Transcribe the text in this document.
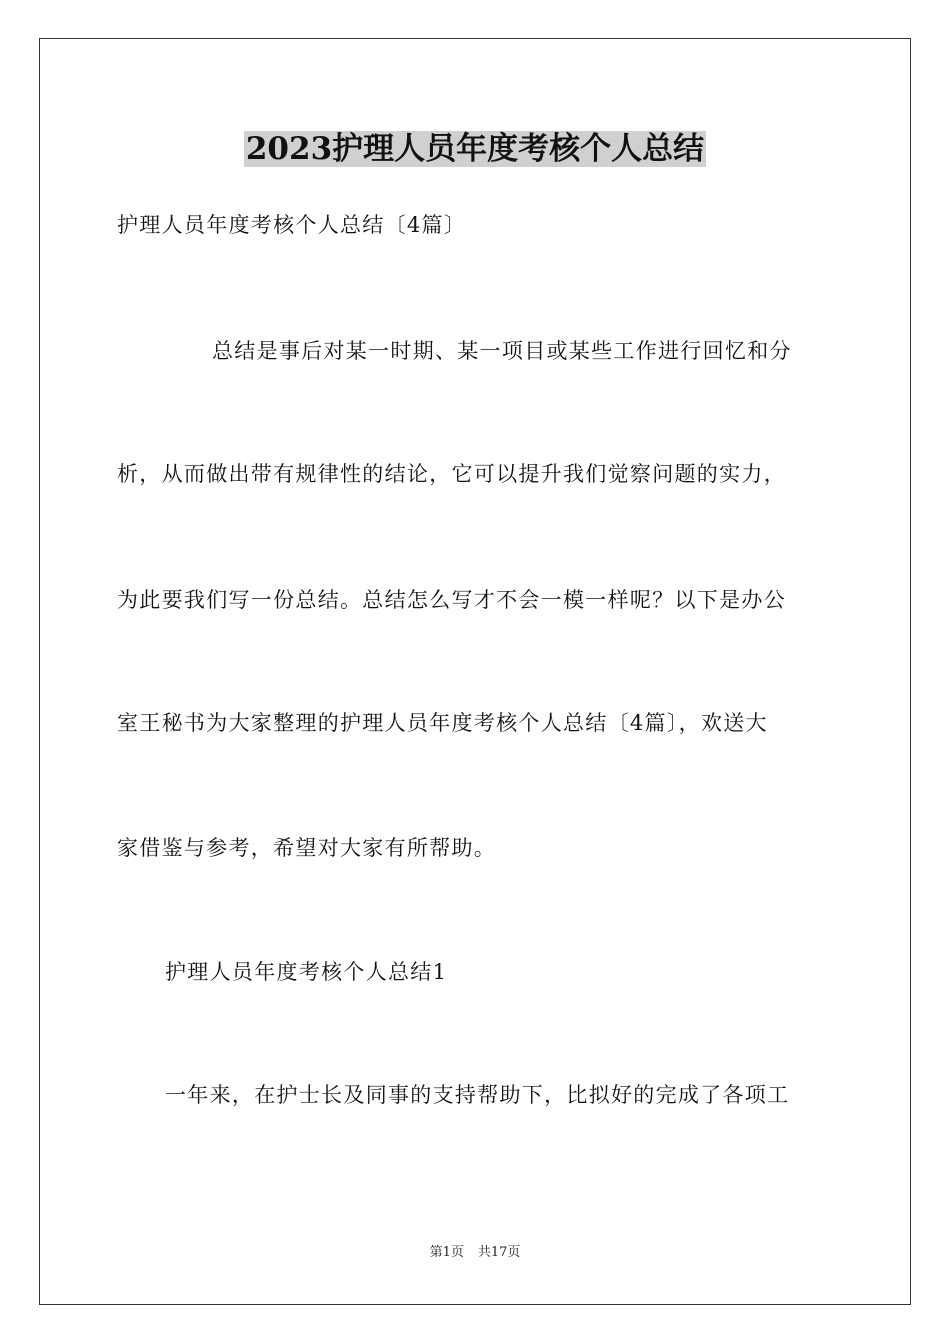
2023护理人员年度考核个人总结
护理人员年度考核个人总结〔4篇〕
总结是事后对某一时期、某一项目或某些工作进行回忆和分
析，从而做出带有规律性的结论，它可以提升我们觉察问题的实力，
为此要我们写一份总结。总结怎么写才不会一模一样呢？以下是办公
室王秘书为大家整理的护理人员年度考核个人总结〔4篇〕，欢送大
家借鉴与参考，希望对大家有所帮助。
护理人员年度考核个人总结1
一年来，在护士长及同事的支持帮助下，比拟好的完成了各项工
第1页 共17页
